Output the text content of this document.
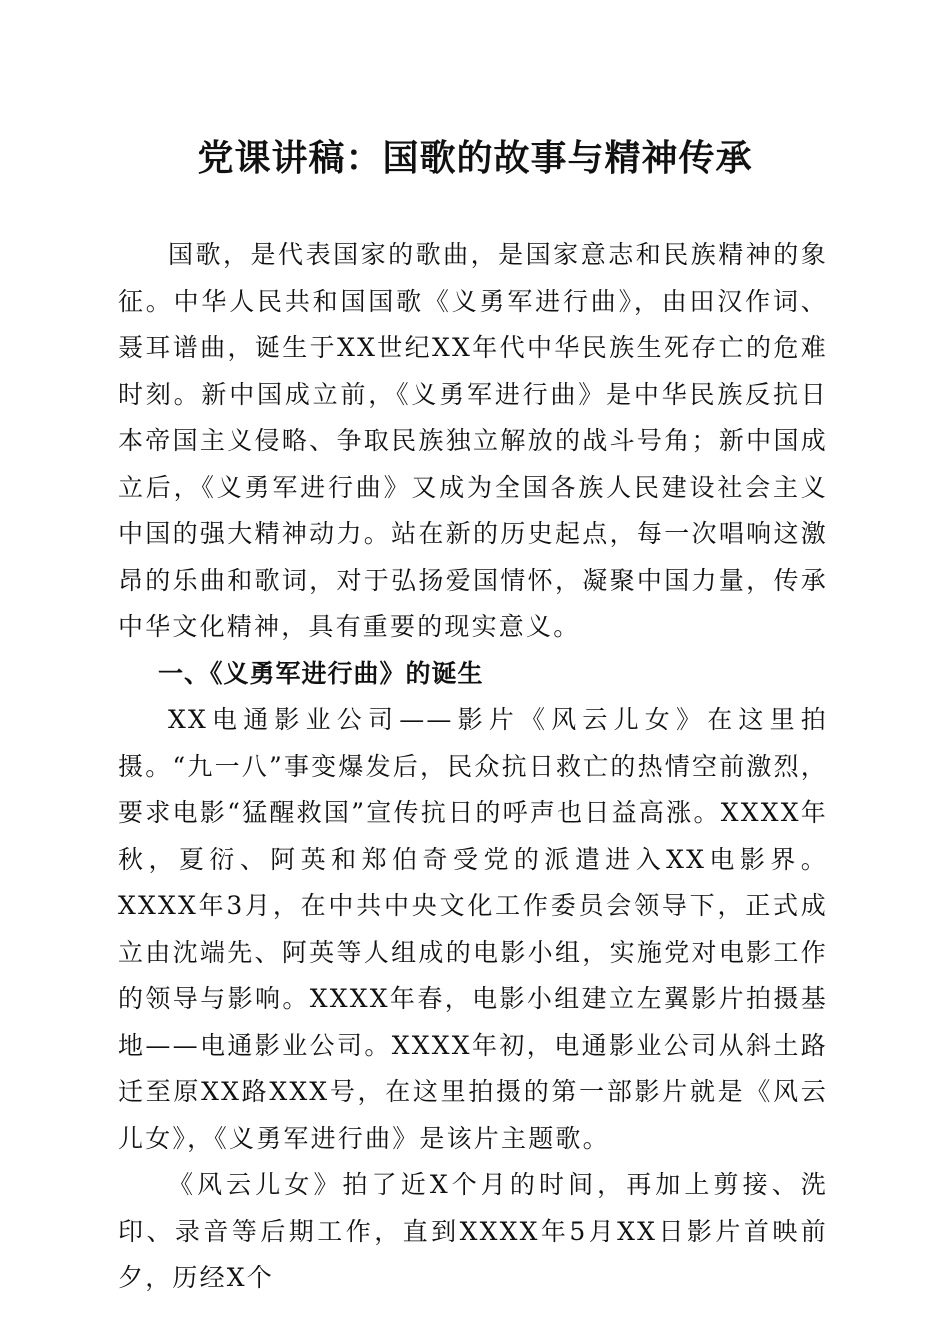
党课讲稿：国歌的故事与精神传承

国歌，是代表国家的歌曲，是国家意志和民族精神的象征。中华人民共和国国歌《义勇军进行曲》，由田汉作词、聂耳谱曲，诞生于XX世纪XX年代中华民族生死存亡的危难时刻。新中国成立前，《义勇军进行曲》是中华民族反抗日本帝国主义侵略、争取民族独立解放的战斗号角；新中国成立后，《义勇军进行曲》又成为全国各族人民建设社会主义中国的强大精神动力。站在新的历史起点，每一次唱响这激昂的乐曲和歌词，对于弘扬爱国情怀，凝聚中国力量，传承中华文化精神，具有重要的现实意义。

一、《义勇军进行曲》的诞生

XX电通影业公司——影片《风云儿女》在这里拍摄。“九一八”事变爆发后，民众抗日救亡的热情空前激烈，要求电影“猛醒救国”宣传抗日的呼声也日益高涨。XXXX年秋，夏衍、阿英和郑伯奇受党的派遣进入XX电影界。XXXX年3月，在中共中央文化工作委员会领导下，正式成立由沈端先、阿英等人组成的电影小组，实施党对电影工作的领导与影响。XXXX年春，电影小组建立左翼影片拍摄基地——电通影业公司。XXXX年初，电通影业公司从斜土路迁至原XX路XXX号，在这里拍摄的第一部影片就是《风云儿女》，《义勇军进行曲》是该片主题歌。

《风云儿女》拍了近X个月的时间，再加上剪接、洗印、录音等后期工作，直到XXXX年5月XX日影片首映前夕，历经X个
